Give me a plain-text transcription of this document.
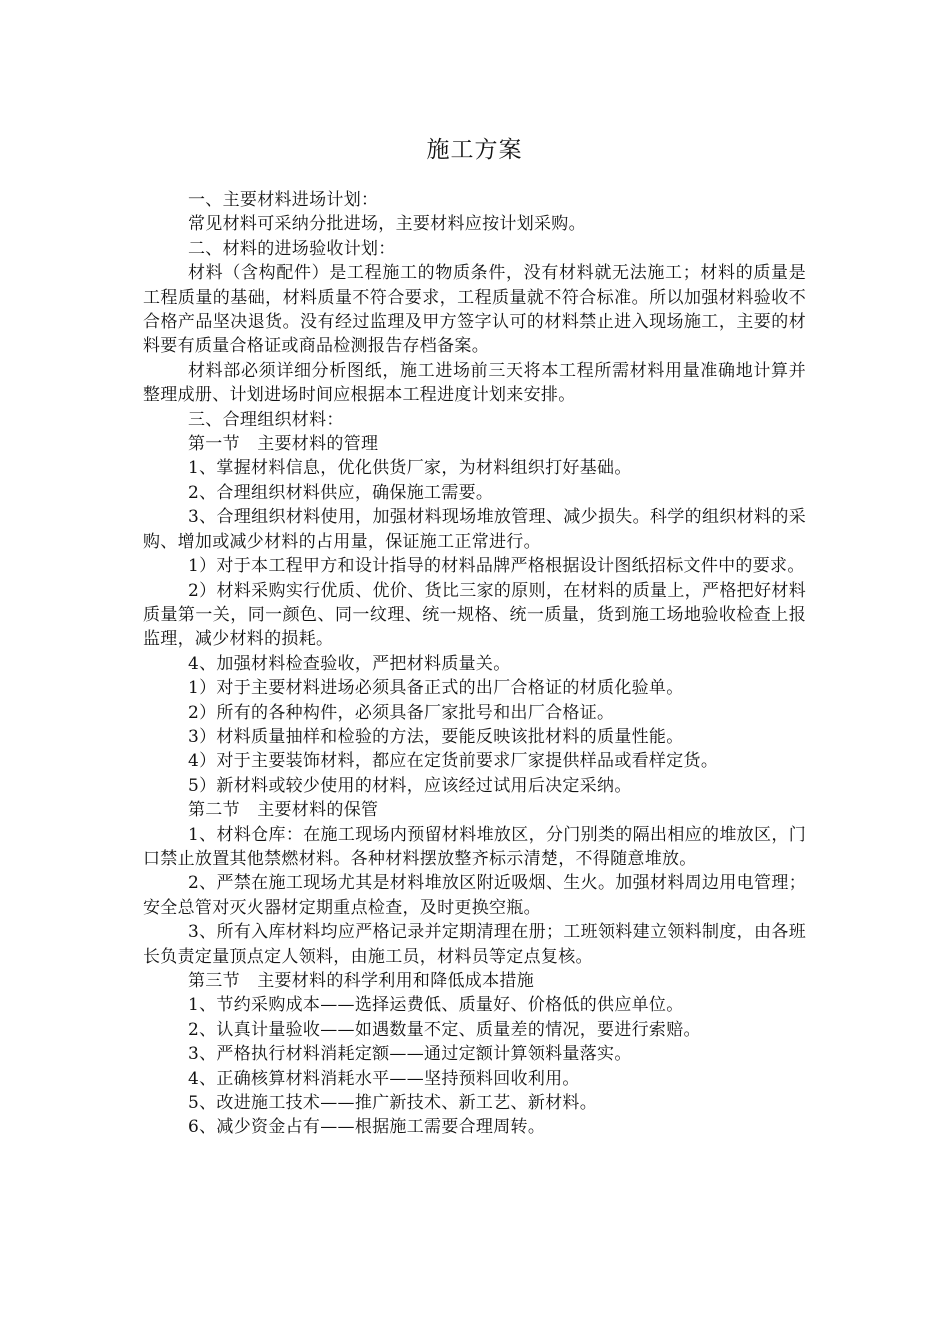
施工方案

一、主要材料进场计划：

常见材料可采纳分批进场，主要材料应按计划采购。

二、材料的进场验收计划：

材料（含构配件）是工程施工的物质条件，没有材料就无法施工；材料的质量是工程质量的基础，材料质量不符合要求，工程质量就不符合标准。所以加强材料验收不合格产品坚决退货。没有经过监理及甲方签字认可的材料禁止进入现场施工，主要的材料要有质量合格证或商品检测报告存档备案。

材料部必须详细分析图纸，施工进场前三天将本工程所需材料用量准确地计算并整理成册、计划进场时间应根据本工程进度计划来安排。

三、合理组织材料：

第一节　主要材料的管理

1、掌握材料信息，优化供货厂家，为材料组织打好基础。

2、合理组织材料供应，确保施工需要。

3、合理组织材料使用，加强材料现场堆放管理、减少损失。科学的组织材料的采购、增加或减少材料的占用量，保证施工正常进行。

1）对于本工程甲方和设计指导的材料品牌严格根据设计图纸招标文件中的要求。

2）材料采购实行优质、优价、货比三家的原则，在材料的质量上，严格把好材料质量第一关，同一颜色、同一纹理、统一规格、统一质量，货到施工场地验收检查上报监理，减少材料的损耗。

4、加强材料检查验收，严把材料质量关。

1）对于主要材料进场必须具备正式的出厂合格证的材质化验单。

2）所有的各种构件，必须具备厂家批号和出厂合格证。

3）材料质量抽样和检验的方法，要能反映该批材料的质量性能。

4）对于主要装饰材料，都应在定货前要求厂家提供样品或看样定货。

5）新材料或较少使用的材料，应该经过试用后决定采纳。

第二节　主要材料的保管

1、材料仓库：在施工现场内预留材料堆放区，分门别类的隔出相应的堆放区，门口禁止放置其他禁燃材料。各种材料摆放整齐标示清楚，不得随意堆放。

2、严禁在施工现场尤其是材料堆放区附近吸烟、生火。加强材料周边用电管理；安全总管对灭火器材定期重点检查，及时更换空瓶。

3、所有入库材料均应严格记录并定期清理在册；工班领料建立领料制度，由各班长负责定量顶点定人领料，由施工员，材料员等定点复核。

第三节　主要材料的科学利用和降低成本措施

1、节约采购成本——选择运费低、质量好、价格低的供应单位。

2、认真计量验收——如遇数量不定、质量差的情况，要进行索赔。

3、严格执行材料消耗定额——通过定额计算领料量落实。

4、正确核算材料消耗水平——坚持预料回收利用。

5、改进施工技术——推广新技术、新工艺、新材料。

6、减少资金占有——根据施工需要合理周转。
